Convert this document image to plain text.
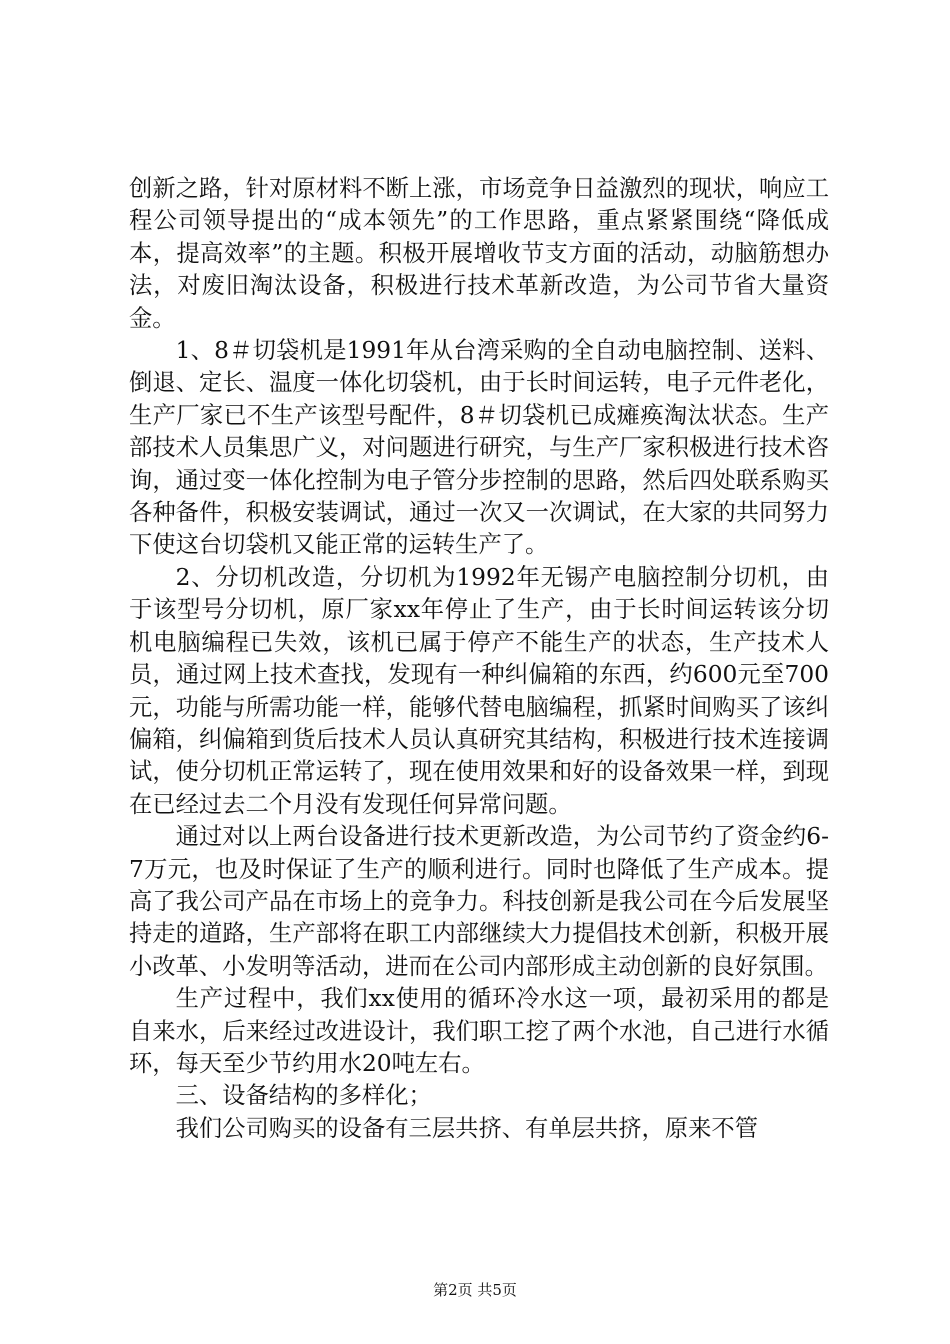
创新之路，针对原材料不断上涨，市场竞争日益激烈的现状，响应工程公司领导提出的“成本领先”的工作思路，重点紧紧围绕“降低成本，提高效率”的主题。积极开展增收节支方面的活动，动脑筋想办法，对废旧淘汰设备，积极进行技术革新改造，为公司节省大量资金。

1、8＃切袋机是1991年从台湾采购的全自动电脑控制、送料、倒退、定长、温度一体化切袋机，由于长时间运转，电子元件老化，生产厂家已不生产该型号配件，8＃切袋机已成瘫痪淘汰状态。生产部技术人员集思广义，对问题进行研究，与生产厂家积极进行技术咨询，通过变一体化控制为电子管分步控制的思路，然后四处联系购买各种备件，积极安装调试，通过一次又一次调试，在大家的共同努力下使这台切袋机又能正常的运转生产了。

2、分切机改造，分切机为1992年无锡产电脑控制分切机，由于该型号分切机，原厂家xx年停止了生产，由于长时间运转该分切机电脑编程已失效，该机已属于停产不能生产的状态，生产技术人员，通过网上技术查找，发现有一种纠偏箱的东西，约600元至700元，功能与所需功能一样，能够代替电脑编程，抓紧时间购买了该纠偏箱，纠偏箱到货后技术人员认真研究其结构，积极进行技术连接调试，使分切机正常运转了，现在使用效果和好的设备效果一样，到现在已经过去二个月没有发现任何异常问题。

通过对以上两台设备进行技术更新改造，为公司节约了资金约6-7万元，也及时保证了生产的顺利进行。同时也降低了生产成本。提高了我公司产品在市场上的竞争力。科技创新是我公司在今后发展坚持走的道路，生产部将在职工内部继续大力提倡技术创新，积极开展小改革、小发明等活动，进而在公司内部形成主动创新的良好氛围。

生产过程中，我们xx使用的循环冷水这一项，最初采用的都是自来水，后来经过改进设计，我们职工挖了两个水池，自己进行水循环，每天至少节约用水20吨左右。

三、设备结构的多样化；

我们公司购买的设备有三层共挤、有单层共挤，原来不管

第2页 共5页
